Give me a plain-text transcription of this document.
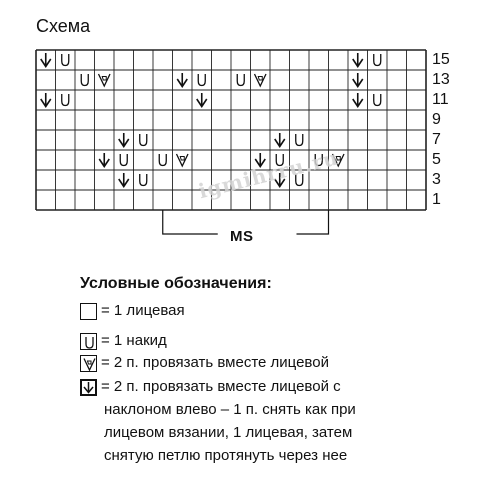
Схема
15
13
11
9
7
5
3
1
MS
igmihrru.ru
Условные обозначения:
= 1 лицевая
= 1 накид
= 2 п. провязать вместе лицевой
= 2 п. провязать вместе лицевой с
наклоном влево – 1 п. снять как при
лицевом вязании, 1 лицевая, затем
снятую петлю протянуть через нее
